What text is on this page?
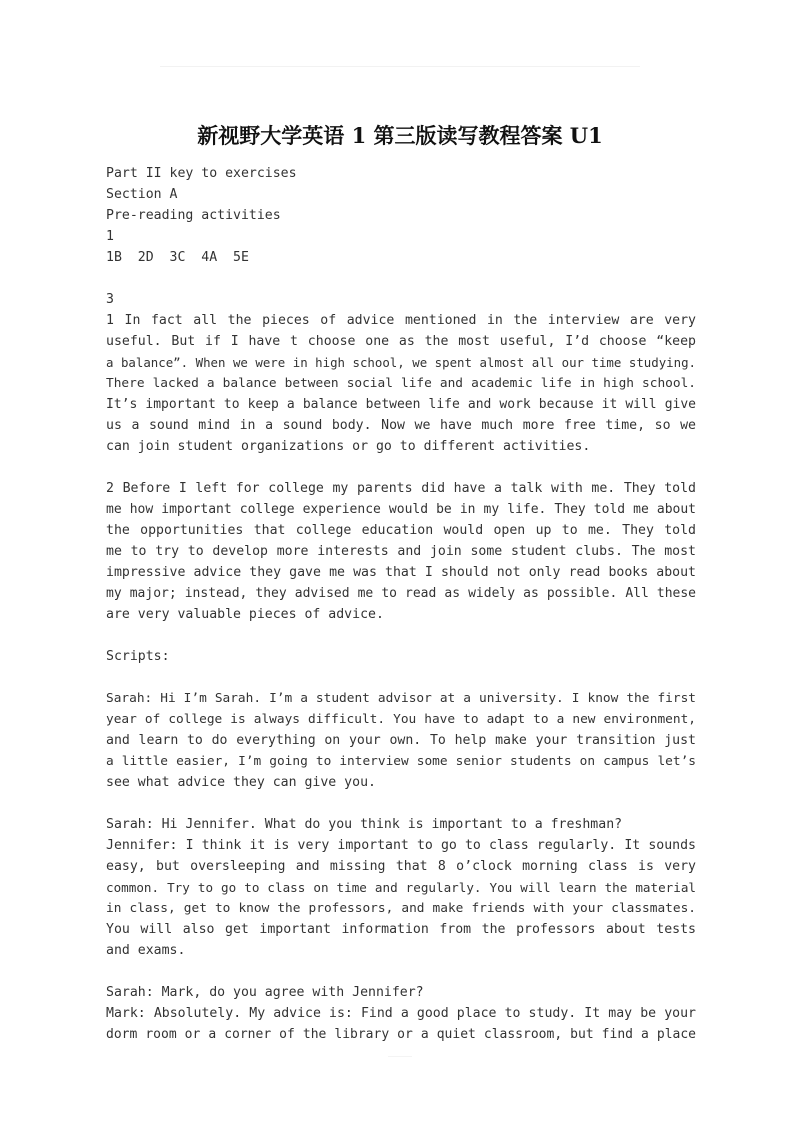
新视野大学英语 1 第三版读写教程答案 U1
Part II key to exercises
Section A
Pre-reading activities
1
1B  2D  3C  4A  5E
3
1 In fact all the pieces of advice mentioned in the interview are very
useful. But if I have t choose one as the most useful, I’d choose “keep
a balance”. When we were in high school, we spent almost all our time studying.
There lacked a balance between social life and academic life in high school.
It’s important to keep a balance between life and work because it will give
us a sound mind in a sound body. Now we have much more free time, so we
can join student organizations or go to different activities.
2 Before I left for college my parents did have a talk with me. They told
me how important college experience would be in my life. They told me about
the opportunities that college education would open up to me. They told
me to try to develop more interests and join some student clubs. The most
impressive advice they gave me was that I should not only read books about
my major; instead, they advised me to read as widely as possible. All these
are very valuable pieces of advice.
Scripts:
Sarah: Hi I’m Sarah. I’m a student advisor at a university. I know the first
year of college is always difficult. You have to adapt to a new environment,
and learn to do everything on your own. To help make your transition just
a little easier, I’m going to interview some senior students on campus let’s
see what advice they can give you.
Sarah: Hi Jennifer. What do you think is important to a freshman?
Jennifer: I think it is very important to go to class regularly. It sounds
easy, but oversleeping and missing that 8 o’clock morning class is very
common. Try to go to class on time and regularly. You will learn the material
in class, get to know the professors, and make friends with your classmates.
You will also get important information from the professors about tests
and exams.
Sarah: Mark, do you agree with Jennifer?
Mark: Absolutely. My advice is: Find a good place to study. It may be your
dorm room or a corner of the library or a quiet classroom, but find a place
